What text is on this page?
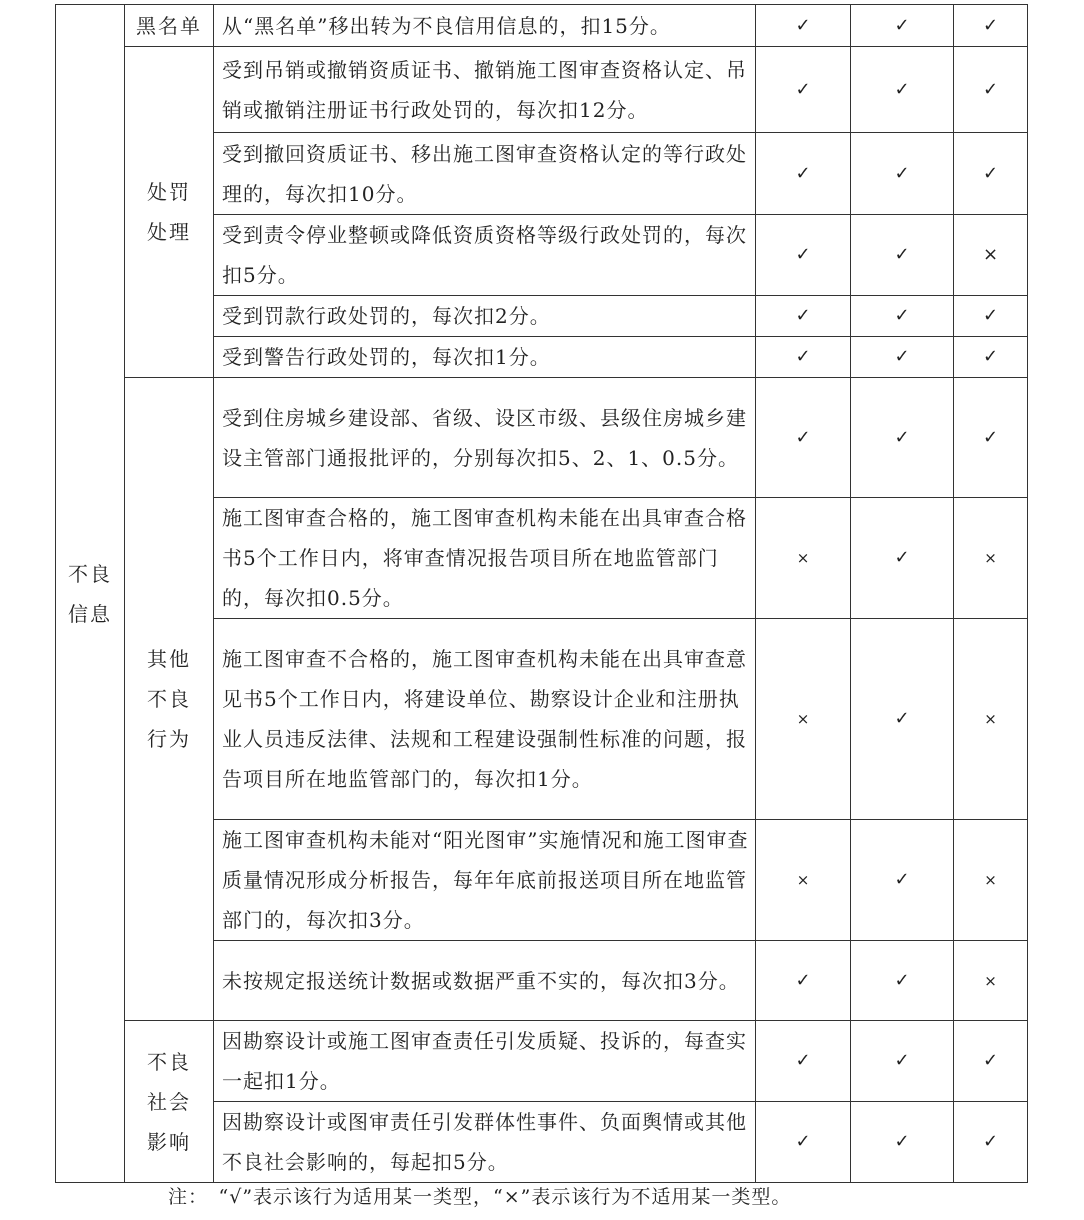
不良信息	黑名单	从“黑名单”移出转为不良信用信息的，扣15分。	✓	✓	✓
	处罚处理	受到吊销或撤销资质证书、撤销施工图审查资格认定、吊销或撤销注册证书行政处罚的，每次扣12分。	✓	✓	✓
		受到撤回资质证书、移出施工图审查资格认定的等行政处理的，每次扣10分。	✓	✓	✓
		受到责令停业整顿或降低资质资格等级行政处罚的，每次扣5分。	✓	✓	×
		受到罚款行政处罚的，每次扣2分。	✓	✓	✓
		受到警告行政处罚的，每次扣1分。	✓	✓	✓
	其他不良行为	受到住房城乡建设部、省级、设区市级、县级住房城乡建设主管部门通报批评的，分别每次扣5、2、1、0.5分。	✓	✓	✓
		施工图审查合格的，施工图审查机构未能在出具审查合格书5个工作日内，将审查情况报告项目所在地监管部门的，每次扣0.5分。	×	✓	×
		施工图审查不合格的，施工图审查机构未能在出具审查意见书5个工作日内，将建设单位、勘察设计企业和注册执业人员违反法律、法规和工程建设强制性标准的问题，报告项目所在地监管部门的，每次扣1分。	×	✓	×
		施工图审查机构未能对“阳光图审”实施情况和施工图审查质量情况形成分析报告，每年年底前报送项目所在地监管部门的，每次扣3分。	×	✓	×
		未按规定报送统计数据或数据严重不实的，每次扣3分。	✓	✓	×
	不良社会影响	因勘察设计或施工图审查责任引发质疑、投诉的，每查实一起扣1分。	✓	✓	✓
		因勘察设计或图审责任引发群体性事件、负面舆情或其他不良社会影响的，每起扣5分。	✓	✓	✓
注：　“√”表示该行为适用某一类型，“×”表示该行为不适用某一类型。
